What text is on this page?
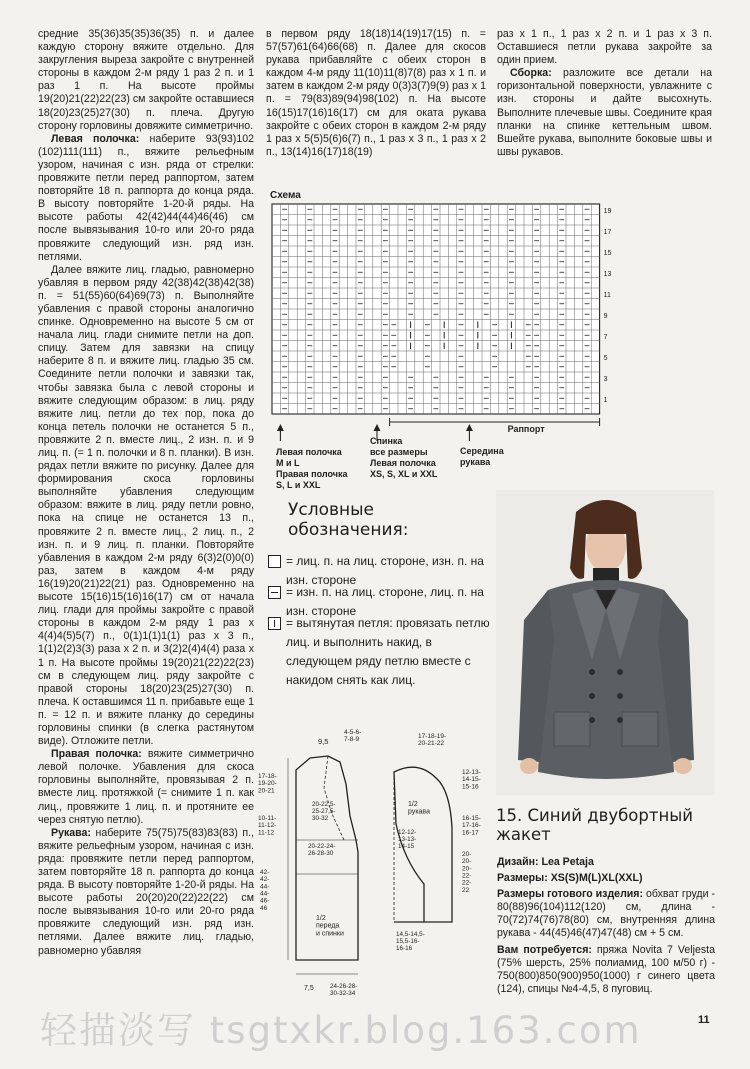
средние 35(36)35(35)36(35) п. и далее каждую сторону вяжите отдельно. Для закругления выреза закройте с внутренней стороны в каждом 2-м ряду 1 раз 2 п. и 1 раз 1 п. На высоте проймы 19(20)21(22)22(23) см закройте оставшиеся 18(20)23(25)27(30) п. плеча. Другую сторону горловины довяжите симметрично.

Левая полочка: наберите 93(93)102 (102)111(111) п., вяжите рельефным узором, начиная с изн. ряда от стрелки: провяжите петли перед раппортом, затем повторяйте 18 п. раппорта до конца ряда. В высоту повторяйте 1-20-й ряды. На высоте работы 42(42)44(44)46(46) см после вывязывания 10-го или 20-го ряда провяжите следующий изн. ряд изн. петлями.

Далее вяжите лиц. гладью, равномерно убавляя в первом ряду 42(38)42(38)42(38) п. = 51(55)60(64)69(73) п. Выполняйте убавления с правой стороны аналогично спинке. Одновременно на высоте 5 см от начала лиц. глади снимите петли на доп. спицу. Затем для завязки на спицу наберите 8 п. и вяжите лиц. гладью 35 см. Соедините петли полочки и завязки так, чтобы завязка была с левой стороны и вяжите следующим образом: в лиц. ряду вяжите лиц. петли до тех пор, пока до конца петель полочки не останется 5 п., провяжите 2 п. вместе лиц., 2 изн. п. и 9 лиц. п. (= 1 п. полочки и 8 п. планки). В изн. рядах петли вяжите по рисунку. Далее для формирования скоса горловины выполняйте убавления следующим образом: вяжите в лиц. ряду петли ровно, пока на спице не останется 13 п., провяжите 2 п. вместе лиц., 2 лиц. п., 2 изн. п. и 9 лиц. п. планки. Повторяйте убавления в каждом 2-м ряду 6(3)2(0)0(0) раз, затем в каждом 4-м ряду 16(19)20(21)22(21) раз. Одновременно на высоте 15(16)15(16)16(17) см от начала лиц. глади для проймы закройте с правой стороны в каждом 2-м ряду 1 раз х 4(4)4(5)5(7) п., 0(1)1(1)1(1) раз х 3 п., 1(1)2(2)3(3) раза х 2 п. и 3(2)2(4)4(4) раза х 1 п. На высоте проймы 19(20)21(22)22(23) см в следующем лиц. ряду закройте с правой стороны 18(20)23(25)27(30) п. плеча. К оставшимся 11 п. прибавьте еще 1 п. = 12 п. и вяжите планку до середины горловины спинки (в слегка растянутом виде). Отложите петли.

Правая полочка: вяжите симметрично левой полочке. Убавления для скоса горловины выполняйте, провязывая 2 п. вместе лиц. протяжкой (= снимите 1 п. как лиц., провяжите 1 лиц. п. и протяните ее через снятую петлю).

Рукава: наберите 75(75)75(83)83(83) п., вяжите рельефным узором, начиная с изн. ряда: провяжите петли перед раппортом, затем повторяйте 18 п. раппорта до конца ряда. В высоту повторяйте 1-20-й ряды. На высоте работы 20(20)20(22)22(22) см после вывязывания 10-го или 20-го ряда провяжите следующий изн. ряд изн. петлями. Далее вяжите лиц. гладью, равномерно убавляя

в первом ряду 18(18)14(19)17(15) п. = 57(57)61(64)66(68) п. Далее для скосов рукава прибавляйте с обеих сторон в каждом 4-м ряду 11(10)11(8)7(8) раз х 1 п. и затем в каждом 2-м ряду 0(3)3(7)9(9) раз х 1 п. = 79(83)89(94)98(102) п. На высоте 16(15)17(16)16(17) см для окатa рукава закройте с обеих сторон в каждом 2-м ряду 1 раз х 5(5)5(6)6(7) п., 1 раз х 3 п., 1 раз х 2 п., 13(14)16(17)18(19)

раз х 1 п., 1 раз х 2 п. и 1 раз х 3 п. Оставшиеся петли рукава закройте за один прием.

Сборка: разложите все детали на горизонтальной поверхности, увлажните с изн. стороны и дайте высохнуть. Выполните плечевые швы. Соедините края планки на спинке кеттельным швом. Вшейте рукава, выполните боковые швы и швы рукавов.

Схема
19
17
15
13
11
9
7
5
3
1
Раппорт
Левая полочка
М и L
Правая полочка
S, L и XXL
Спинка
все размеры
Левая полочка
XS, S, XL и XXL
Середина
рукава
Условные
обозначения:
= лиц. п. на лиц. стороне, изн. п. на изн. стороне
= изн. п. на лиц. стороне, лиц. п. на изн. стороне
= вытянутая петля: провязать петлю лиц. и выполнить накид, в следующем ряду петлю вместе с накидом снять как лиц.
15. Синий двубортный
жакет

Дизайн: Lea Petaja

Размеры: XS(S)M(L)XL(XXL)

Размеры готового изделия: обхват груди - 80(88)96(104)112(120) см, длина - 70(72)74(76)78(80) см, внутренняя длина рукава - 44(45)46(47)47(48) см + 5 см.

Вам потребуется: пряжа Novita 7 Veljesta (75% шерсть, 25% полиамид, 100 м/50 г) - 750(800)850(900)950(1000) г синего цвета (124), спицы №4-4,5, 8 пуговиц.

9,5
4-5-6-7-8-9
17-18-19-20-20-21
10-11-11-12-11-12
42-42-44-44-46-46
20-22,5-25-27,5-30-32
20-22-24-26-28-30
1/2 переда и спинки
7,5	24-26-28-30-32-34
17-18-19-20-21-22
12-13-14-15-15-16
16-15-17-16-16-17
20-20-20-22-22-22
12-12-13-13-14-15
1/2 рукава
14,5-14,5-15,5-16-16-16
轻描淡写 tsgtxkr.blog.163.com	11
